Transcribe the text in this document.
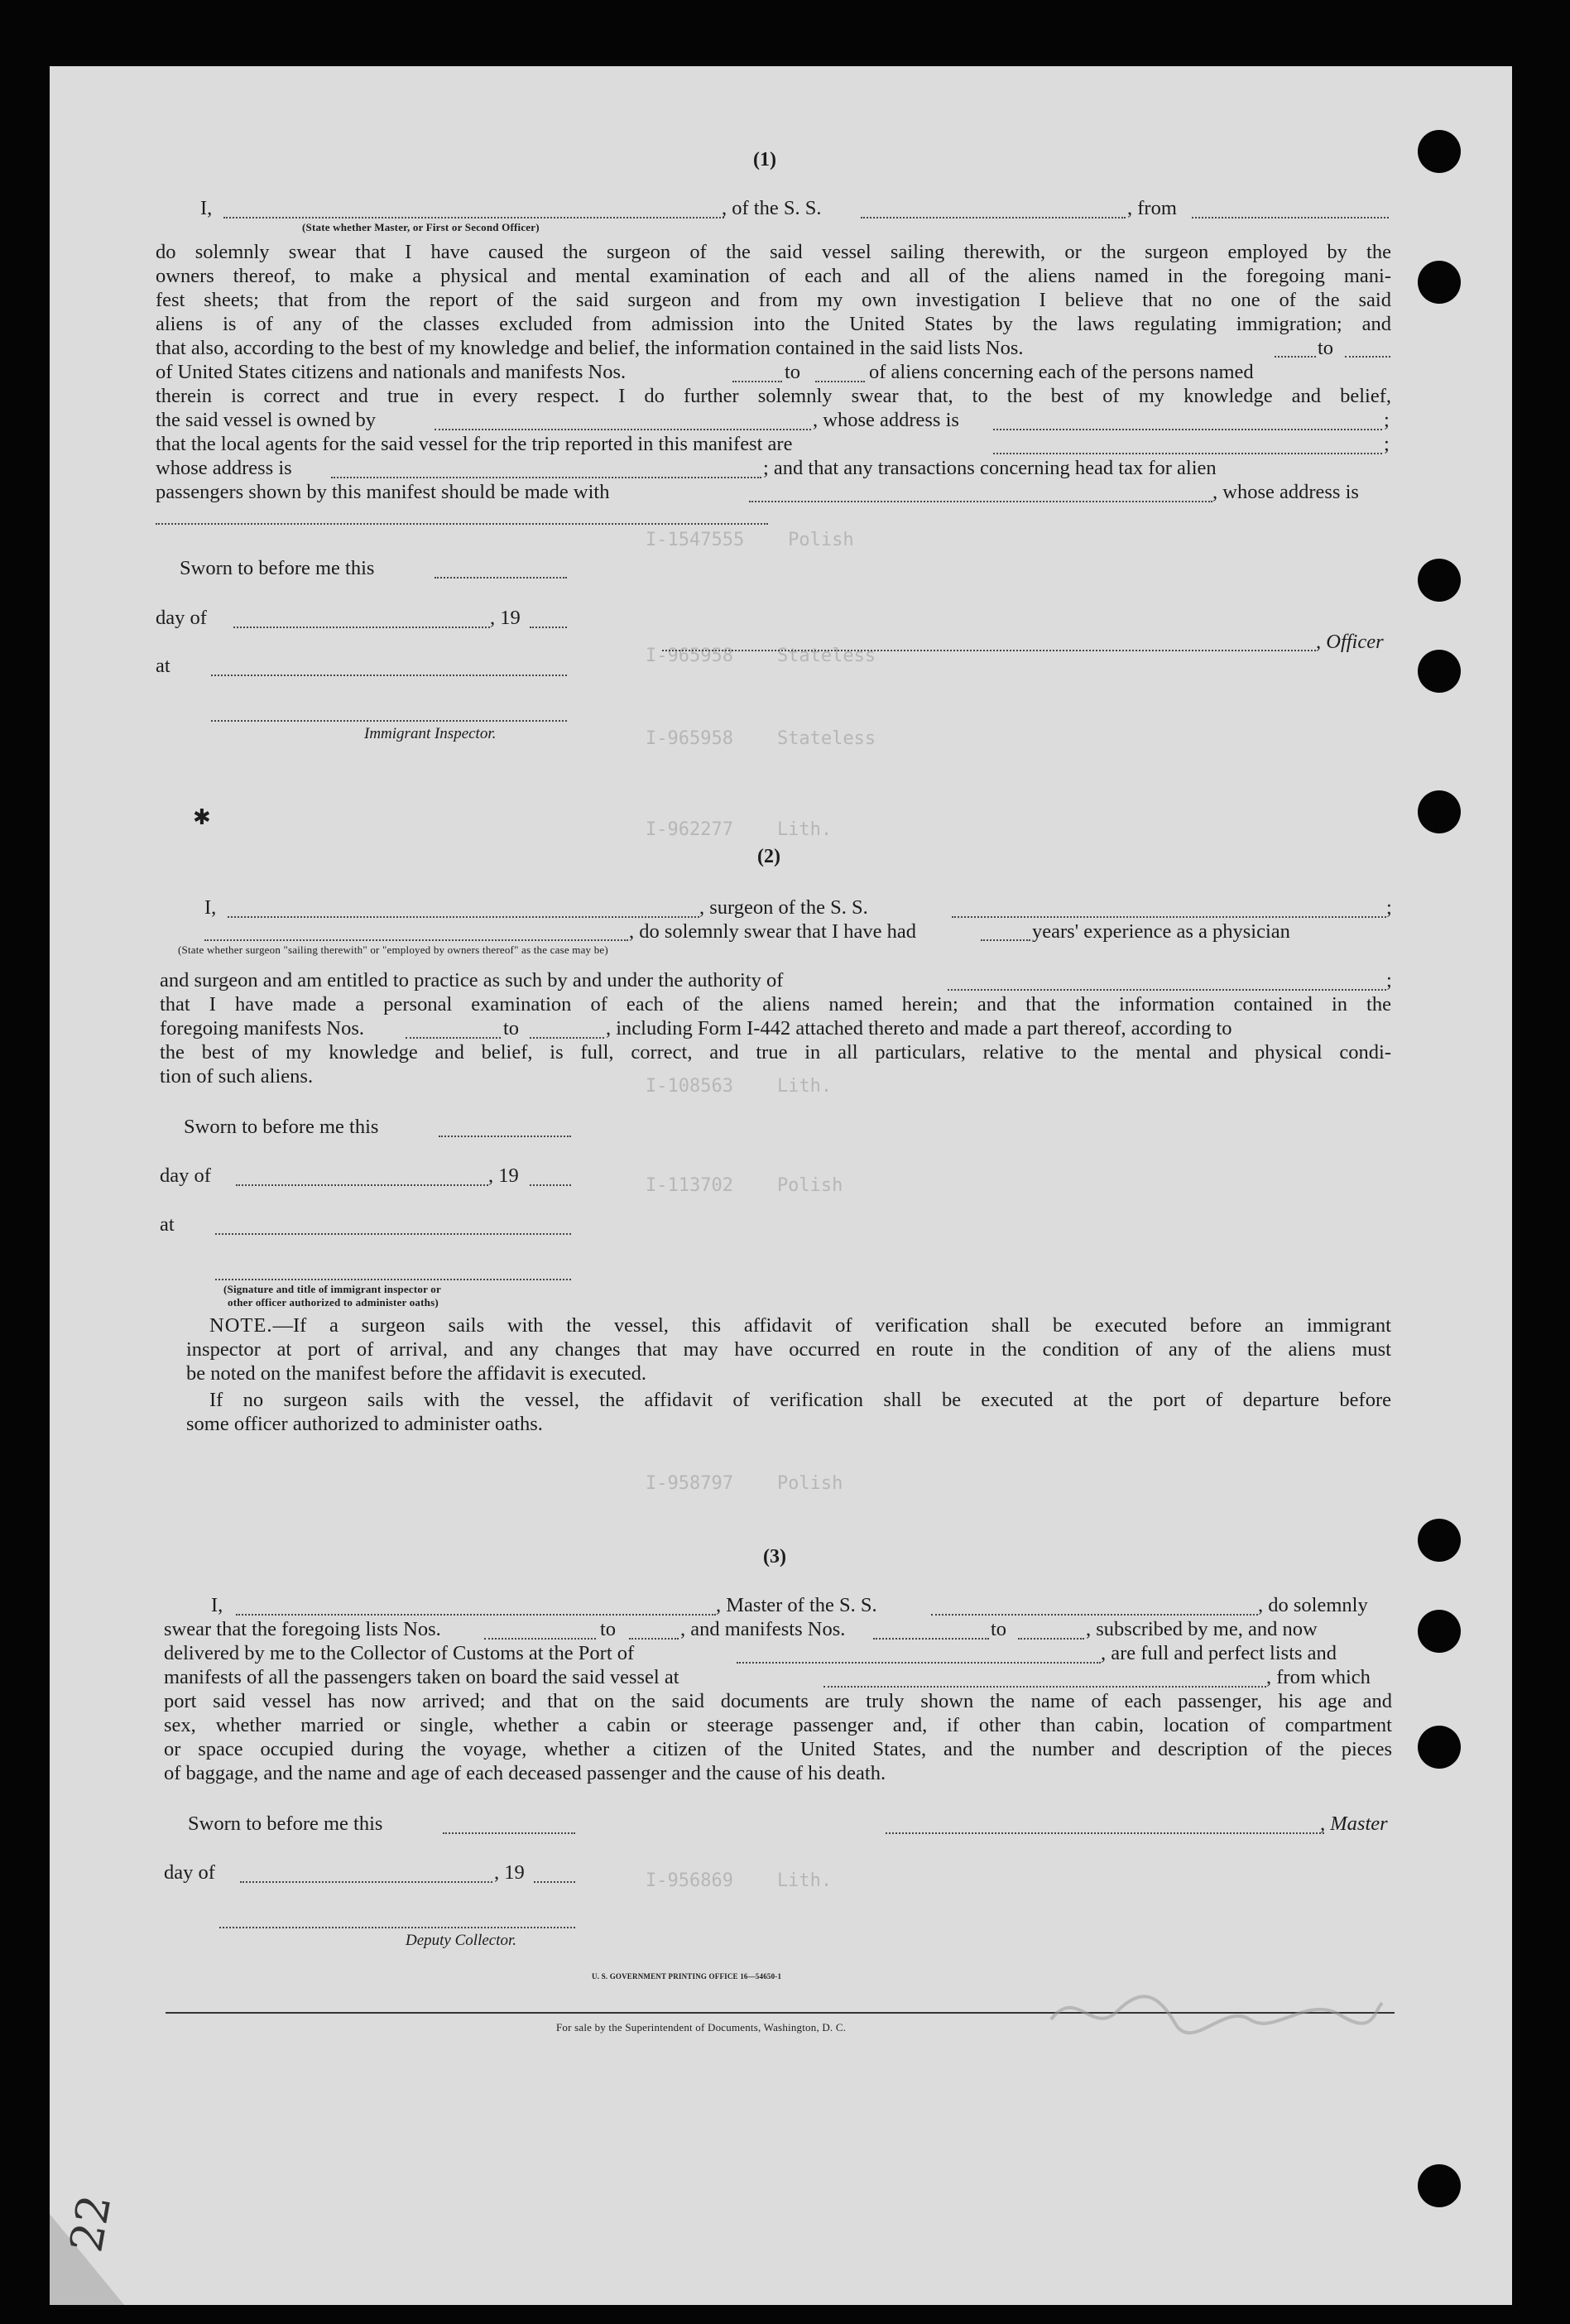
I-1547555    Polish
I-965958    Stateless
I-965958    Stateless
I-962277    Lith.
I-108563    Lith.
I-113702    Polish
I-958797    Polish
I-956869    Lith.
(1)
I,	, of the S. S.	, from
(State whether Master, or First or Second Officer)
do solemnly swear that I have caused the surgeon of the said vessel sailing therewith, or the surgeon employed by the
owners thereof, to make a physical and mental examination of each and all of the aliens named in the foregoing mani-
fest sheets; that from the report of the said surgeon and from my own investigation I believe that no one of the said
aliens is of any of the classes excluded from admission into the United States by the laws regulating immigration; and
that also, according to the best of my knowledge and belief, the information contained in the said lists Nos.	to
of United States citizens and nationals and manifests Nos.	to	of aliens concerning each of the persons named
therein is correct and true in every respect. I do further solemnly swear that, to the best of my knowledge and belief,
the said vessel is owned by	, whose address is	;
that the local agents for the said vessel for the trip reported in this manifest are	;
whose address is	; and that any transactions concerning head tax for alien
passengers shown by this manifest should be made with	, whose address is
Sworn to before me this
day of	, 19
at
Immigrant Inspector.
, Officer
✱
(2)
I,	, surgeon of the S. S.	;
, do solemnly swear that I have had	years' experience as a physician
(State whether surgeon "sailing therewith" or "employed by owners thereof" as the case may be)
and surgeon and am entitled to practice as such by and under the authority of	;
that I have made a personal examination of each of the aliens named herein; and that the information contained in the
foregoing manifests Nos.	to	, including Form I-442 attached thereto and made a part thereof, according to
the best of my knowledge and belief, is full, correct, and true in all particulars, relative to the mental and physical condi-
tion of such aliens.
Sworn to before me this
day of	, 19
at
(Signature and title of immigrant inspector or
other officer authorized to administer oaths)
NOTE.—If a surgeon sails with the vessel, this affidavit of verification shall be executed before an immigrant
inspector at port of arrival, and any changes that may have occurred en route in the condition of any of the aliens must
be noted on the manifest before the affidavit is executed.
If no surgeon sails with the vessel, the affidavit of verification shall be executed at the port of departure before
some officer authorized to administer oaths.
(3)
I,	, Master of the S. S.	, do solemnly
swear that the foregoing lists Nos.	to	, and manifests Nos.	to	, subscribed by me, and now
delivered by me to the Collector of Customs at the Port of	, are full and perfect lists and
manifests of all the passengers taken on board the said vessel at	, from which
port said vessel has now arrived; and that on the said documents are truly shown the name of each passenger, his age and
sex, whether married or single, whether a cabin or steerage passenger and, if other than cabin, location of compartment
or space occupied during the voyage, whether a citizen of the United States, and the number and description of the pieces
of baggage, and the name and age of each deceased passenger and the cause of his death.
Sworn to before me this	, Master
day of	, 19
Deputy Collector.
U. S. GOVERNMENT PRINTING OFFICE 16—54650-1
For sale by the Superintendent of Documents, Washington, D. C.
22
